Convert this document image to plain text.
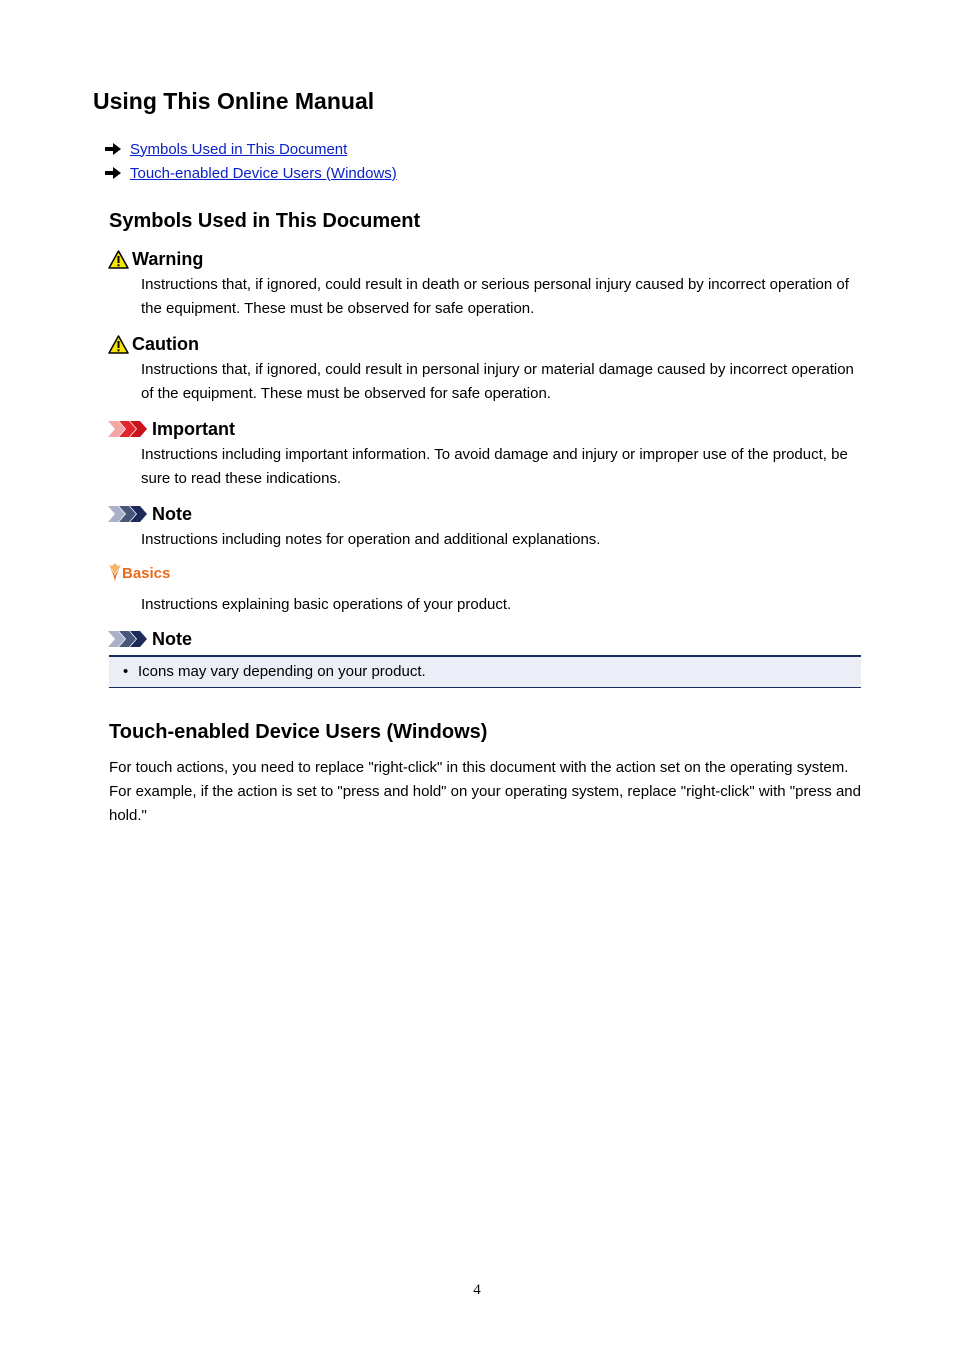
Using This Online Manual
Symbols Used in This Document
Touch-enabled Device Users (Windows)
Symbols Used in This Document
Warning
Instructions that, if ignored, could result in death or serious personal injury caused by incorrect operation of the equipment. These must be observed for safe operation.
Caution
Instructions that, if ignored, could result in personal injury or material damage caused by incorrect operation of the equipment. These must be observed for safe operation.
Important
Instructions including important information. To avoid damage and injury or improper use of the product, be sure to read these indications.
Note
Instructions including notes for operation and additional explanations.
Basics
Instructions explaining basic operations of your product.
Note
• Icons may vary depending on your product.
Touch-enabled Device Users (Windows)
For touch actions, you need to replace "right-click" in this document with the action set on the operating system. For example, if the action is set to "press and hold" on your operating system, replace "right-click" with "press and hold."
4
